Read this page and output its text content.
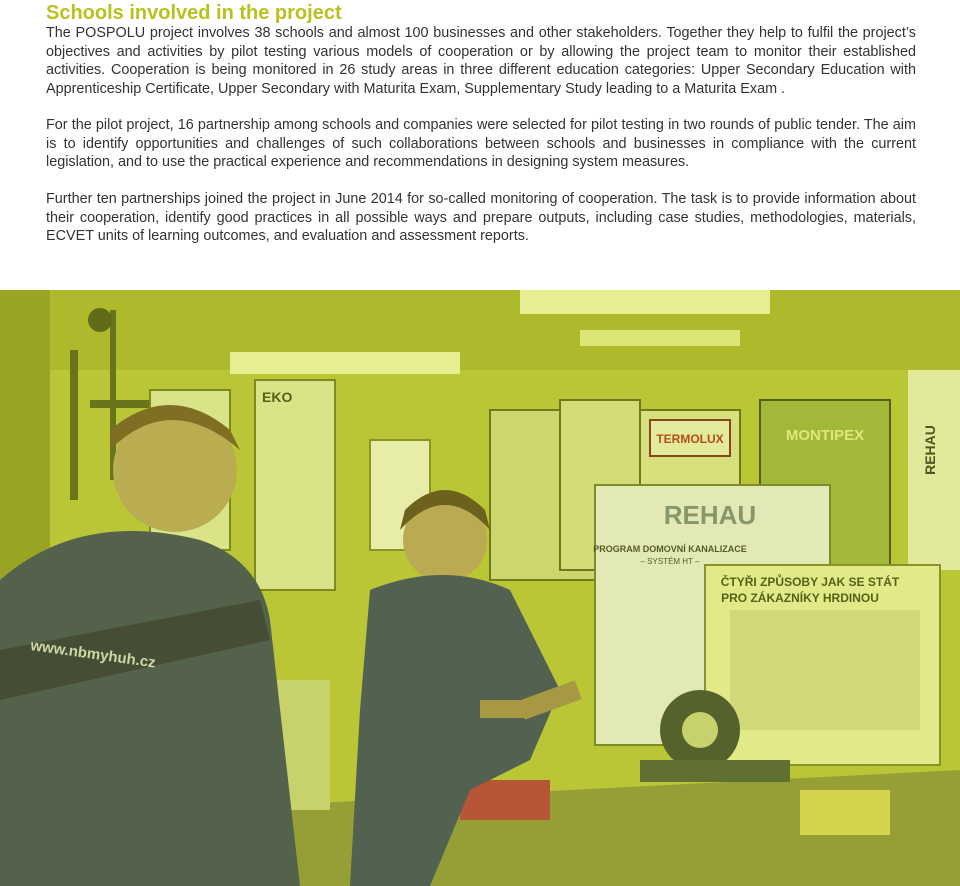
Schools involved in the project

The POSPOLU project involves 38 schools and almost 100 businesses and other stakeholders. Together they help to fulfil the project’s objectives and activities by pilot testing various models of cooperation or by allowing the project team to monitor their established activities. Cooperation is being monitored in 26 study areas in three different education categories: Upper Secondary Education with Apprenticeship Certificate, Upper Secondary with Maturita Exam, Supplementary Study leading to a Maturita Exam .

For the pilot project, 16 partnership among schools and companies were selected for pilot testing in two rounds of public tender. The aim is to identify opportunities and challenges of such collaborations between schools and businesses in compliance with the current legislation, and to use the practical experience and recommendations in designing system measures.

Further ten partnerships joined the project in June 2014 for so-called monitoring of cooperation. The task is to provide information about their cooperation, identify good practices in all possible ways and prepare outputs, including case studies, methodologies, materials, ECVET units of learning outcomes, and evaluation and assessment reports.

EKO
TERMOLUX	MONTIPEX	REHAU
REHAU
PROGRAM DOMOVNÍ KANALIZACE
– SYSTÉM HT –
ČTYŘI ZPŮSOBY JAK SE STÁT
PRO ZÁKAZNÍKY HRDINOU
www.nbmyhuh.cz
